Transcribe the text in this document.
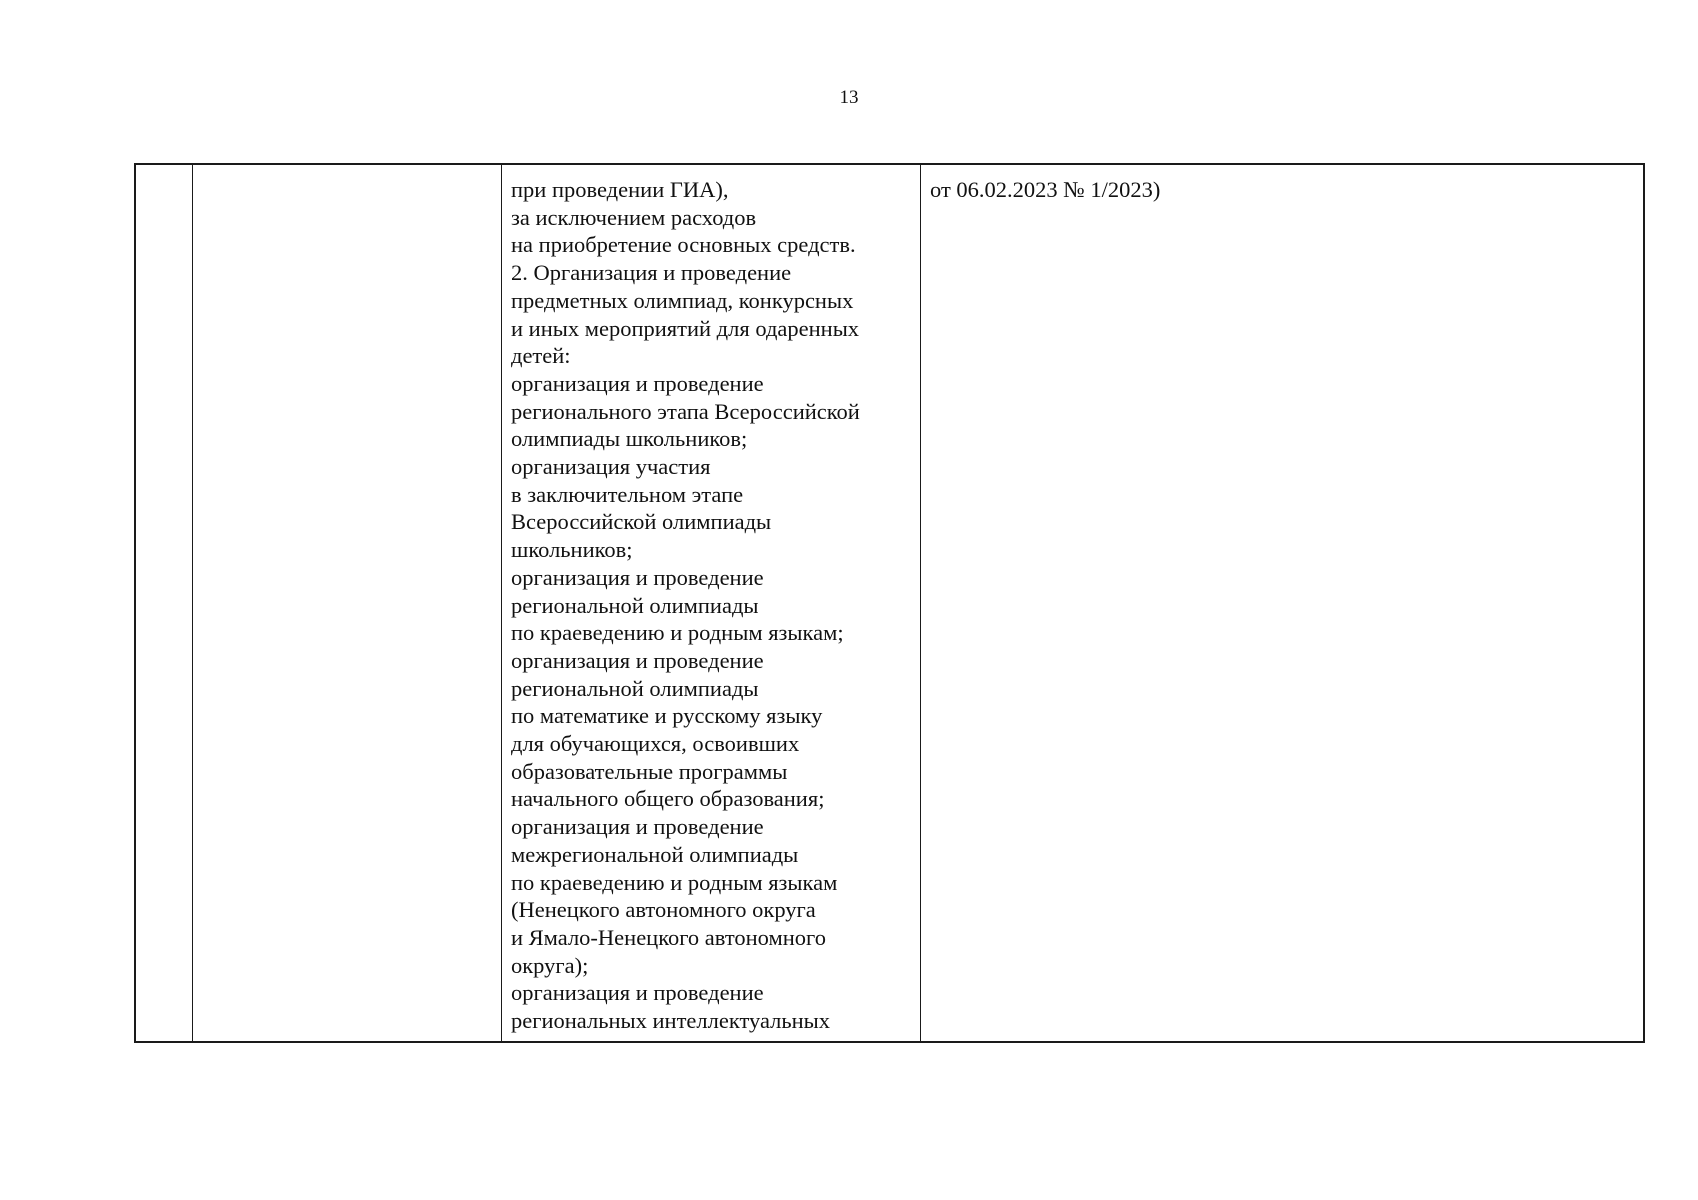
13
при проведении ГИА),
за исключением расходов
на приобретение основных средств.
2. Организация и проведение
предметных олимпиад, конкурсных
и иных мероприятий для одаренных
детей:
организация и проведение
регионального этапа Всероссийской
олимпиады школьников;
организация участия
в заключительном этапе
Всероссийской олимпиады
школьников;
организация и проведение
региональной олимпиады
по краеведению и родным языкам;
организация и проведение
региональной олимпиады
по математике и русскому языку
для обучающихся, освоивших
образовательные программы
начального общего образования;
организация и проведение
межрегиональной олимпиады
по краеведению и родным языкам
(Ненецкого автономного округа
и Ямало-Ненецкого автономного
округа);
организация и проведение
региональных интеллектуальных
от 06.02.2023 № 1/2023)
